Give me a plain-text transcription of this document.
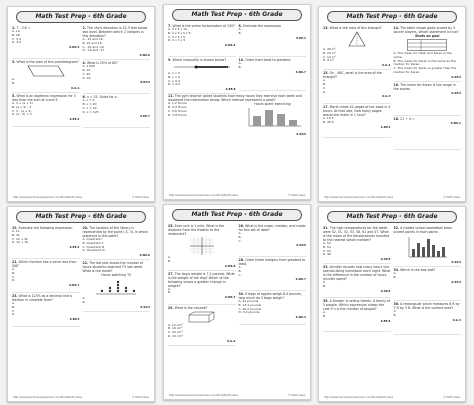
Math Test Prep - 6th Grade
1.7 - 3.6 =
A. 10
B. 28
C. 3.4
D. 4.4
6.NS.3
3.What is the area of this parallelogram?
A.
B.
6.G.1
5.What is an algebraic expression for 3 less than the sum of a and 5.
A. 3 + (a + 5)
B. (a + 5) - 3
C. 3 - (a + 5)
D. (a - 5) + 3
6.EE.2
2.The city's elevation is 15.3 feet below sea level. Between which 2 integers is this elevation?
A. -15 and 16
B. 15 and 16
C. -15 and -16
D. -16 and -17
6.NS.6
4.What is 25% of 60?
A. 1,500
B. 15
C. 40
D. 20
6.RP.3
6.x = 25. Solve for x.
A. x = 5
B. x = 20
C. x = 30
D. x = 125
6.EE.7
http://www.teacherspayteachers.com/Store/Math-Ideas	© Math Ideas
Math Test Prep - 6th Grade
7.What is the prime factorization of 150?
A. 3 x 5 x 10
B. 2 x 3 x 5 x 5
C. 3 x 5 x 5
D. 2 x 3 x 5
6.NS.4
9.Which inequality is shown below?
A. x < 5
B. x > 5
C. x ≤ 5
D. x ≥ 5
6.EE.8
8.Evaluate the expression
A.
B.
6.EE.1
10.Order from least to greatest:
A.
B.
6.NS.7
11.The gym teacher asked students how many hours they exercise each week and displayed the information below. Which interval represents a peak?
A. 1-2 Hours
B. 3-4 Hours
C. 5-6 Hours
D. 7-8 Hours
Hours spent exercising
6.SP.5
http://www.teacherspayteachers.com/Store/Math-Ideas	© Math Ideas
Math Test Prep - 6th Grade
13.What is the area of this triangle?
A. 48 in²
B. 24 in²
C. 14 in²
D. 8 in²
6.G.1
15.On , ABC, what is the area of the triangle?
A.
B.
C.
D.
6.G.3
17.Marie made 42 pages of her book in 4 hours. At that rate, how many pages would she make in 1 hour?
A. 10.5
B. 40.5
6.RP.3
14.The table shows goals scored by 5 soccer players. Which statement is true?
Shots on goal
A. The mean for Heidi and Karen is the same.
B. The mean for Karen is the same as the median for Karen.
C. The mean for Karen is greater than the median for Karen.
6.SP.3
16.The mean for Karen is the range in the scores.
6.SP.3
18.21 ÷ 4 =
6.NS.1
http://www.teacherspayteachers.com/Store/Math-Ideas	© Math Ideas
Math Test Prep - 6th Grade
19.Evaluate the following expression
A. 11
B. 31
C. 12 + 3k
D. 12 + 3b
6.EE.2
21.Which fraction has a value less than 5/8?
A.
B.
C.
D.
6.NS.7
23.What is 123% as a decimal and a fraction in simplest form?
A.
B.
C.
D.
6.RP.3
20.The location of the library is represented by the point (-5, 3). In which quadrant is this point?
A. Quadrant I
B. Quadrant II
C. Quadrant III
D. Quadrant IV
6.NS.6
22.The dot plot shows the number of hours students watched TV last week. What is the mode?
Hours watching TV
A.
B.
6.SP.4
http://www.teacherspayteachers.com/Store/Math-Ideas	© Math Ideas
Math Test Prep - 6th Grade
25.Each unit is 1 mile. What is the distance from the theater to the restaurant?
A.
B.
6.NS.8
27.The dog's weight is 7.2 pounds. What is the weight of the dog? Which of the following shows a greater change in weight?
A.
B.
6.NS.7
29.What is the volume?
A. 12 cm³
B. 16 cm³
C. 24 cm³
D. 32 cm³
6.G.2
26.What is the mean, median, and mode for this set of data?
A.
B.
C.
6.SP.5
28.Order these integers from greatest to least.
A.
B.
C.
6.NS.7
30.If bags of apples weigh 8.4 pounds, how much do 5 bags weigh?
A. 42 pounds
B. 13.4 pounds
C. 40.2 pounds
D. 4.2 pounds
6.NS.3
http://www.teacherspayteachers.com/Store/Math-Ideas	© Math Ideas
Math Test Prep - 6th Grade
31.The high temperatures for the week were 52, 51, 52, 53, 58, 61 and 57. What is the mean of the temperatures rounded to the nearest whole number?
A. 52
B. 54
C. 55
D. 56
6.SP.5
33.Jennifer records how many hours she spends doing homework each night. What is the difference in the number of hours Jennifer spent?
A.
B.
6.SP.5
35.A theater is selling tickets. A family of 5 people. Which expression shows the cost if n is the number of people?
A.
B.
6.EE.6
32.A middle school basketball team scored points in each game.
6.SP.4
34.Which is the box plot?
A.
B.
6.SP.4
36.A rectangular prism measures 8 ft by 7 ft by 3 ft. What is the surface area?
A.
B.
6.G.4
http://www.teacherspayteachers.com/Store/Math-Ideas	© Math Ideas
